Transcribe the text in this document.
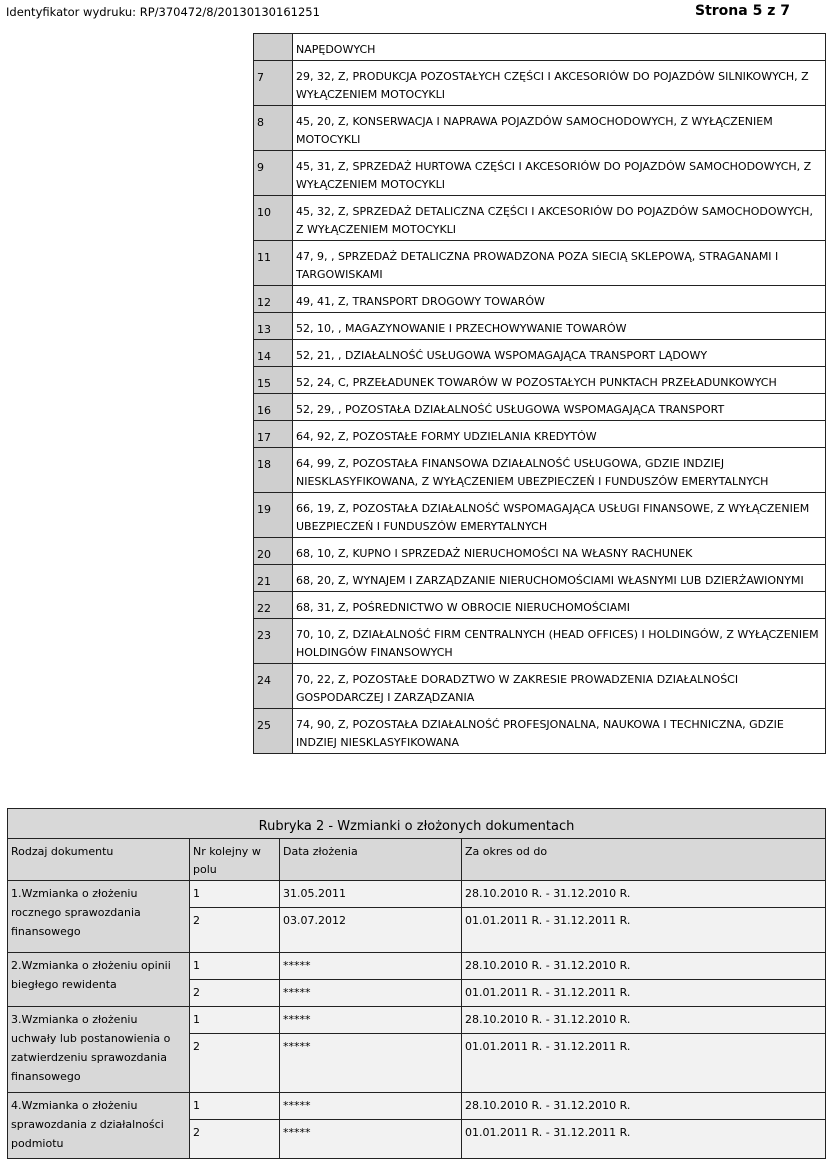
Identyfikator wydruku: RP/370472/8/20130130161251	Strona 5 z 7
	NAPĘDOWYCH
7	29, 32, Z, PRODUKCJA POZOSTAŁYCH CZĘŚCI I AKCESORIÓW DO POJAZDÓW SILNIKOWYCH, Z WYŁĄCZENIEM MOTOCYKLI
8	45, 20, Z, KONSERWACJA I NAPRAWA POJAZDÓW SAMOCHODOWYCH, Z WYŁĄCZENIEM MOTOCYKLI
9	45, 31, Z, SPRZEDAŻ HURTOWA CZĘŚCI I AKCESORIÓW DO POJAZDÓW SAMOCHODOWYCH, Z WYŁĄCZENIEM MOTOCYKLI
10	45, 32, Z, SPRZEDAŻ DETALICZNA CZĘŚCI I AKCESORIÓW DO POJAZDÓW SAMOCHODOWYCH, Z WYŁĄCZENIEM MOTOCYKLI
11	47, 9, , SPRZEDAŻ DETALICZNA PROWADZONA POZA SIECIĄ SKLEPOWĄ, STRAGANAMI I TARGOWISKAMI
12	49, 41, Z, TRANSPORT DROGOWY TOWARÓW
13	52, 10, , MAGAZYNOWANIE I PRZECHOWYWANIE TOWARÓW
14	52, 21, , DZIAŁALNOŚĆ USŁUGOWA WSPOMAGAJĄCA TRANSPORT LĄDOWY
15	52, 24, C, PRZEŁADUNEK TOWARÓW W POZOSTAŁYCH PUNKTACH PRZEŁADUNKOWYCH
16	52, 29, , POZOSTAŁA DZIAŁALNOŚĆ USŁUGOWA WSPOMAGAJĄCA TRANSPORT
17	64, 92, Z, POZOSTAŁE FORMY UDZIELANIA KREDYTÓW
18	64, 99, Z, POZOSTAŁA FINANSOWA DZIAŁALNOŚĆ USŁUGOWA, GDZIE INDZIEJ NIESKLASYFIKOWANA, Z WYŁĄCZENIEM UBEZPIECZEŃ I FUNDUSZÓW EMERYTALNYCH
19	66, 19, Z, POZOSTAŁA DZIAŁALNOŚĆ WSPOMAGAJĄCA USŁUGI FINANSOWE, Z WYŁĄCZENIEM UBEZPIECZEŃ I FUNDUSZÓW EMERYTALNYCH
20	68, 10, Z, KUPNO I SPRZEDAŻ NIERUCHOMOŚCI NA WŁASNY RACHUNEK
21	68, 20, Z, WYNAJEM I ZARZĄDZANIE NIERUCHOMOŚCIAMI WŁASNYMI LUB DZIERŻAWIONYMI
22	68, 31, Z, POŚREDNICTWO W OBROCIE NIERUCHOMOŚCIAMI
23	70, 10, Z, DZIAŁALNOŚĆ FIRM CENTRALNYCH (HEAD OFFICES) I HOLDINGÓW, Z WYŁĄCZENIEM HOLDINGÓW FINANSOWYCH
24	70, 22, Z, POZOSTAŁE DORADZTWO W ZAKRESIE PROWADZENIA DZIAŁALNOŚCI GOSPODARCZEJ I ZARZĄDZANIA
25	74, 90, Z, POZOSTAŁA DZIAŁALNOŚĆ PROFESJONALNA, NAUKOWA I TECHNICZNA, GDZIE INDZIEJ NIESKLASYFIKOWANA
Rubryka 2 - Wzmianki o złożonych dokumentach			
Rodzaj dokumentu	Nr kolejny w polu	Data złożenia	Za okres od do
1.Wzmianka o złożeniu rocznego sprawozdania finansowego	1	31.05.2011	28.10.2010 R. - 31.12.2010 R.
	2	03.07.2012	01.01.2011 R. - 31.12.2011 R.
2.Wzmianka o złożeniu opinii biegłego rewidenta	1	*****	28.10.2010 R. - 31.12.2010 R.
	2	*****	01.01.2011 R. - 31.12.2011 R.
3.Wzmianka o złożeniu uchwały lub postanowienia o zatwierdzeniu sprawozdania finansowego	1	*****	28.10.2010 R. - 31.12.2010 R.
	2	*****	01.01.2011 R. - 31.12.2011 R.
4.Wzmianka o złożeniu sprawozdania z działalności podmiotu	1	*****	28.10.2010 R. - 31.12.2010 R.
	2	*****	01.01.2011 R. - 31.12.2011 R.
